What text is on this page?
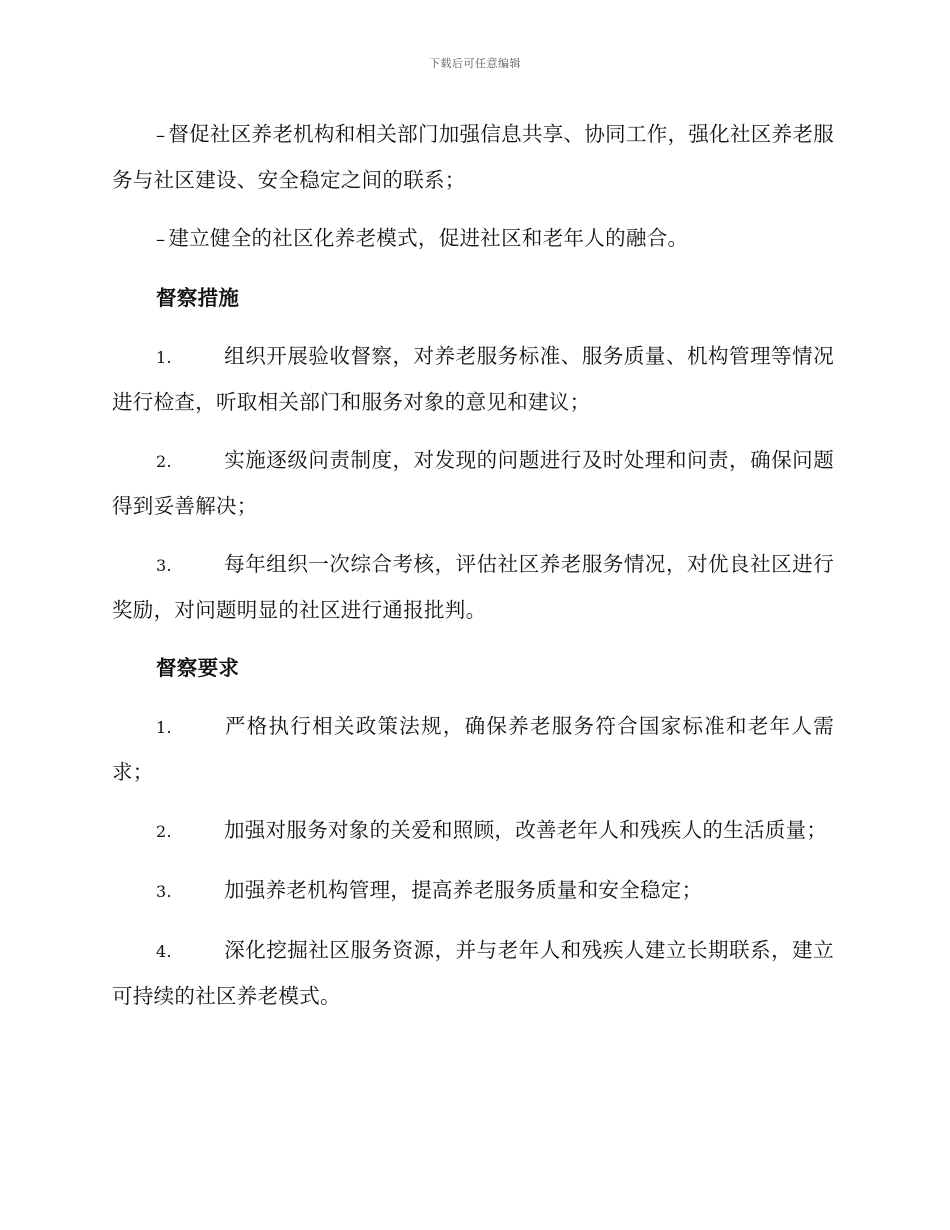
下载后可任意编辑

– 督促社区养老机构和相关部门加强信息共享、协同工作，强化社区养老服务与社区建设、安全稳定之间的联系；

– 建立健全的社区化养老模式，促进社区和老年人的融合。

督察措施

1.	组织开展验收督察，对养老服务标准、服务质量、机构管理等情况进行检查，听取相关部门和服务对象的意见和建议；

2.	实施逐级问责制度，对发现的问题进行及时处理和问责，确保问题得到妥善解决；

3.	每年组织一次综合考核，评估社区养老服务情况，对优良社区进行奖励，对问题明显的社区进行通报批判。

督察要求

1.	严格执行相关政策法规，确保养老服务符合国家标准和老年人需求；

2.	加强对服务对象的关爱和照顾，改善老年人和残疾人的生活质量；

3.	加强养老机构管理，提高养老服务质量和安全稳定；

4.	深化挖掘社区服务资源，并与老年人和残疾人建立长期联系，建立可持续的社区养老模式。
